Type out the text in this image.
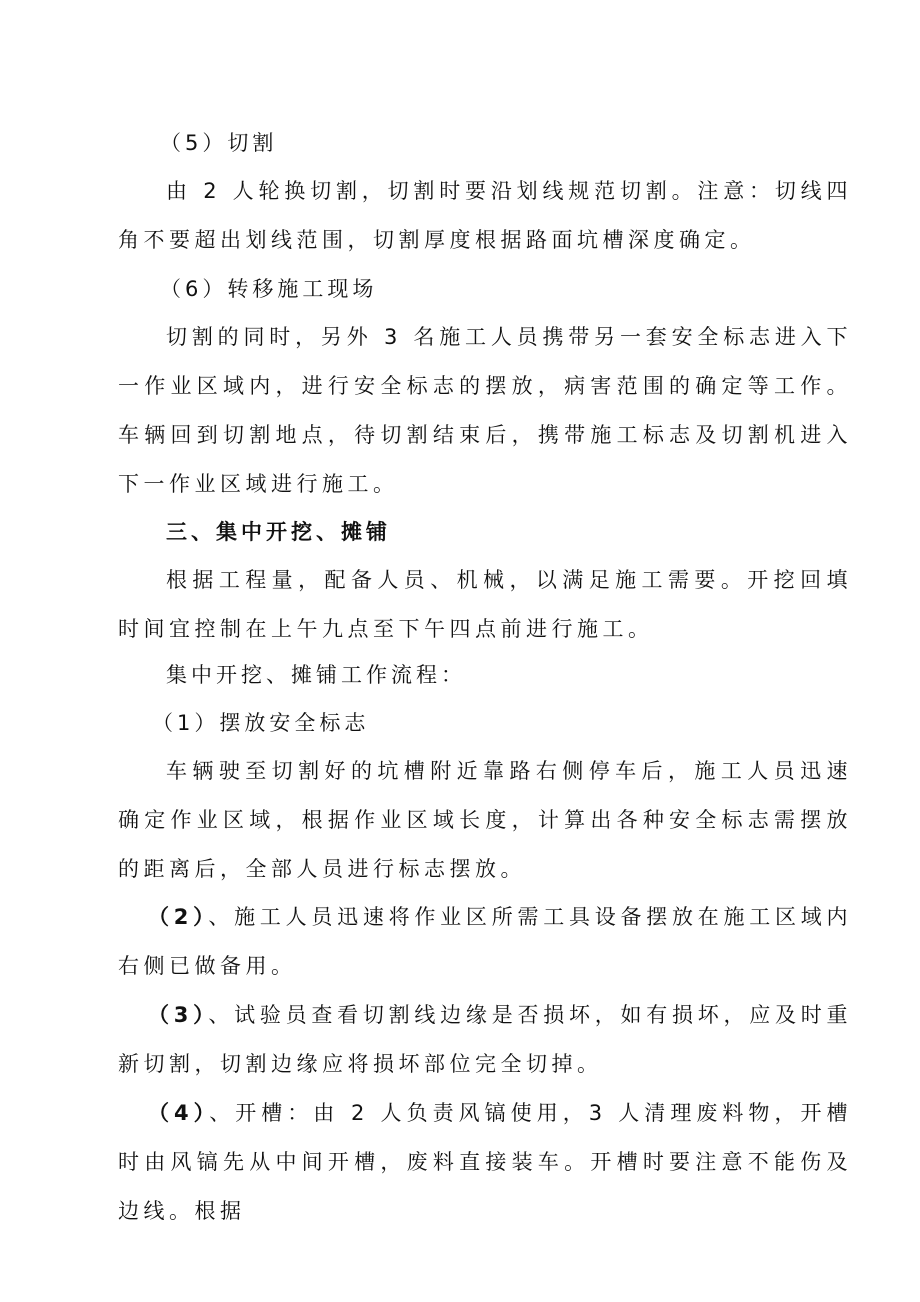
（5）切割
由 2 人轮换切割，切割时要沿划线规范切割。注意：切线四角不要超出划线范围，切割厚度根据路面坑槽深度确定。
（6）转移施工现场
切割的同时，另外 3 名施工人员携带另一套安全标志进入下一作业区域内，进行安全标志的摆放，病害范围的确定等工作。车辆回到切割地点，待切割结束后，携带施工标志及切割机进入下一作业区域进行施工。
三、集中开挖、摊铺
根据工程量，配备人员、机械，以满足施工需要。开挖回填时间宜控制在上午九点至下午四点前进行施工。
集中开挖、摊铺工作流程：
（1）摆放安全标志
车辆驶至切割好的坑槽附近靠路右侧停车后，施工人员迅速确定作业区域，根据作业区域长度，计算出各种安全标志需摆放的距离后，全部人员进行标志摆放。
（2）、施工人员迅速将作业区所需工具设备摆放在施工区域内右侧已做备用。
（3）、试验员查看切割线边缘是否损坏，如有损坏，应及时重新切割，切割边缘应将损坏部位完全切掉。
（4）、开槽：由 2 人负责风镐使用，3 人清理废料物，开槽时由风镐先从中间开槽，废料直接装车。开槽时要注意不能伤及边线。根据
